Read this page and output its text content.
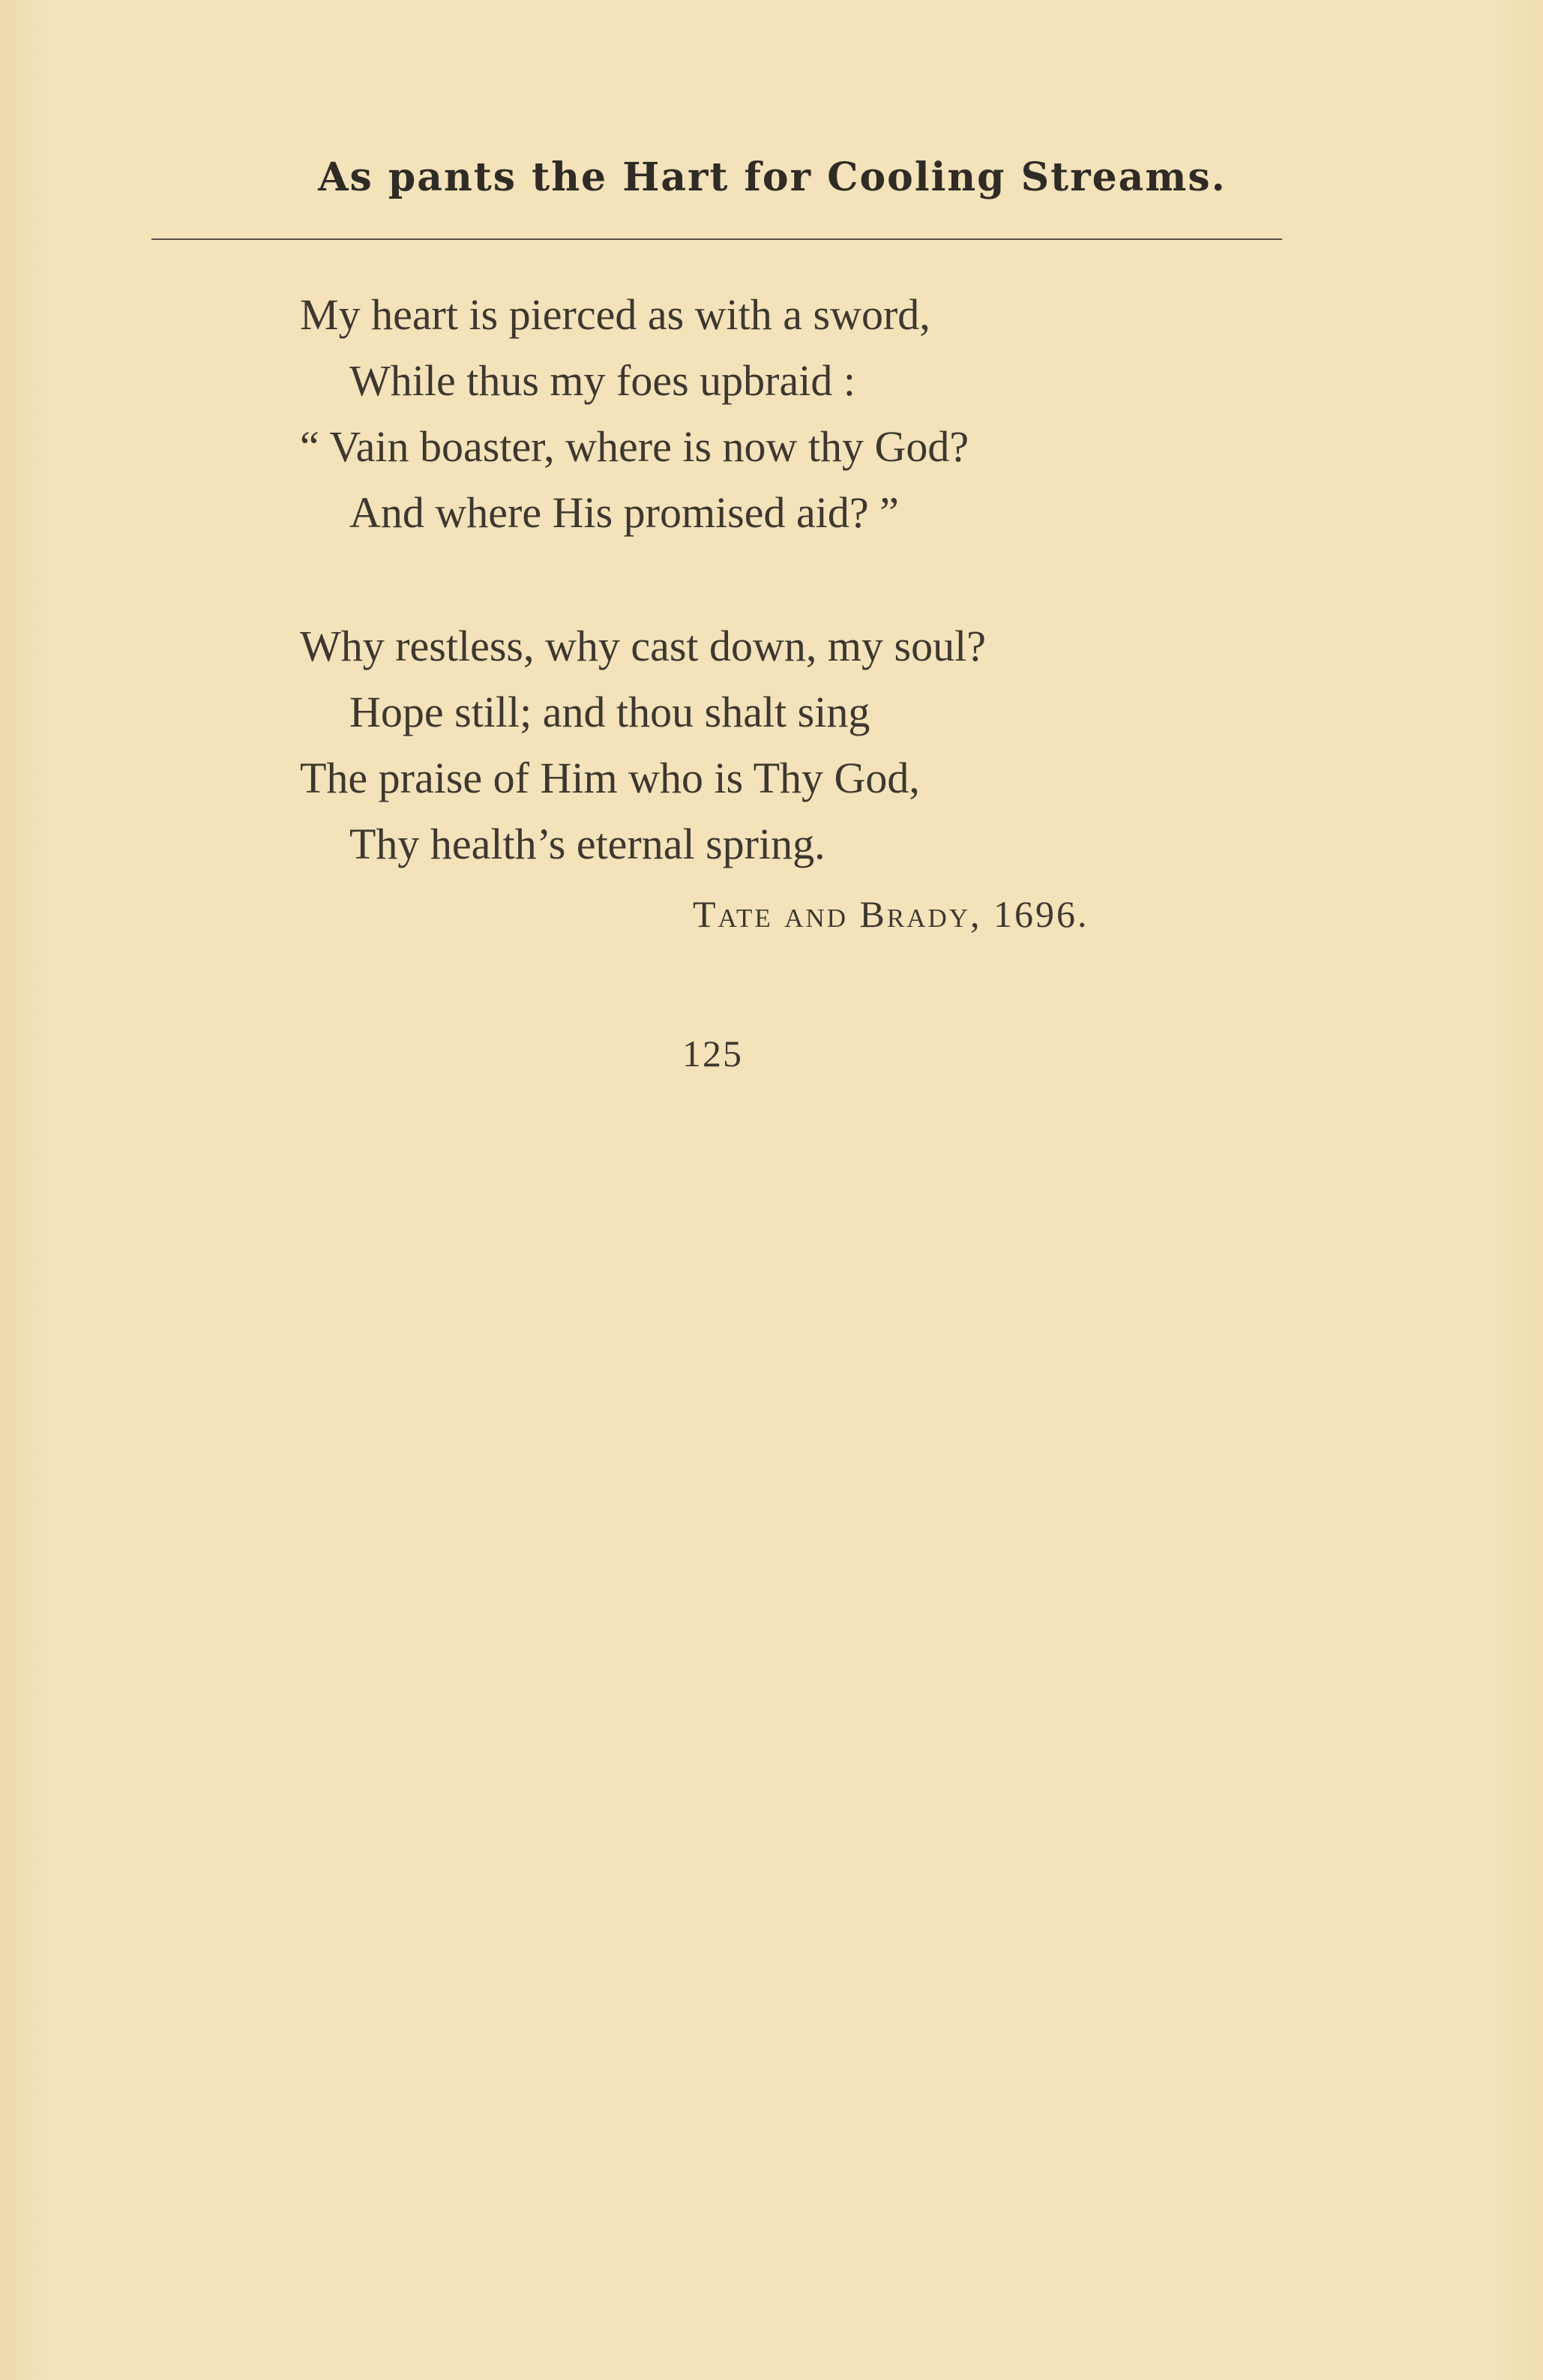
As pants the Hart for Cooling Streams.
My heart is pierced as with a sword,
While thus my foes upbraid :
“ Vain boaster, where is now thy God?
And where His promised aid? ”
Why restless, why cast down, my soul?
Hope still; and thou shalt sing
The praise of Him who is Thy God,
Thy health’s eternal spring.
Tate and Brady, 1696.
125
